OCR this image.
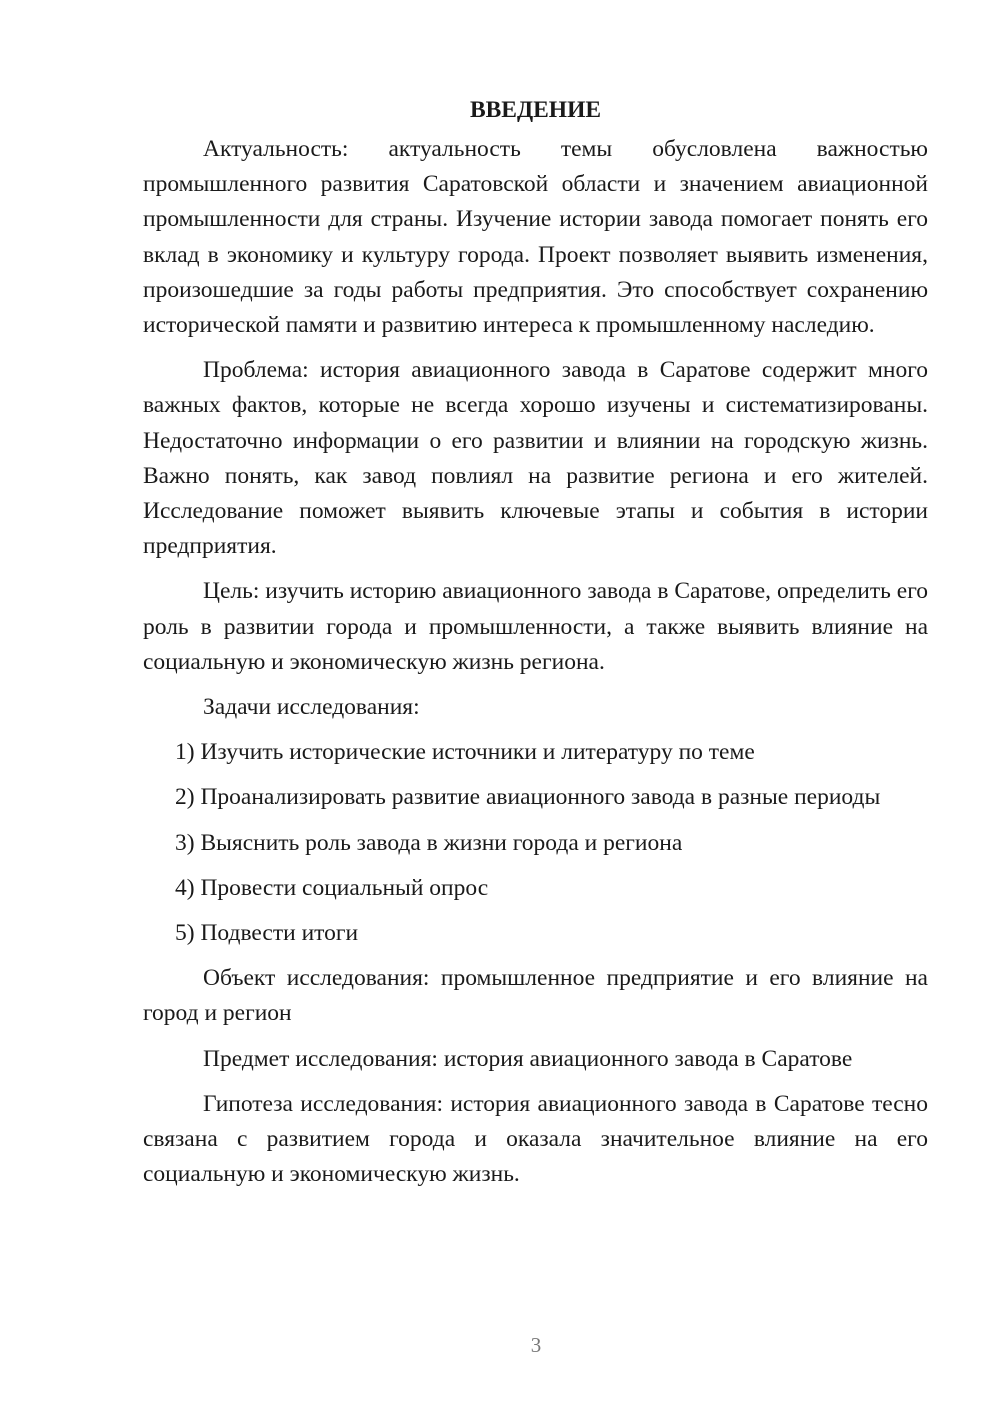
ВВЕДЕНИЕ

Актуальность: актуальность темы обусловлена важностью промышленного развития Саратовской области и значением авиационной промышленности для страны. Изучение истории завода помогает понять его вклад в экономику и культуру города. Проект позволяет выявить изменения, произошедшие за годы работы предприятия. Это способствует сохранению исторической памяти и развитию интереса к промышленному наследию.

Проблема: история авиационного завода в Саратове содержит много важных фактов, которые не всегда хорошо изучены и систематизированы. Недостаточно информации о его развитии и влиянии на городскую жизнь. Важно понять, как завод повлиял на развитие региона и его жителей. Исследование поможет выявить ключевые этапы и события в истории предприятия.

Цель: изучить историю авиационного завода в Саратове, определить его роль в развитии города и промышленности, а также выявить влияние на социальную и экономическую жизнь региона.

Задачи исследования:

1) Изучить исторические источники и литературу по теме

2) Проанализировать развитие авиационного завода в разные периоды

3) Выяснить роль завода в жизни города и региона

4) Провести социальный опрос

5) Подвести итоги

Объект исследования: промышленное предприятие и его влияние на город и регион

Предмет исследования: история авиационного завода в Саратове

Гипотеза исследования: история авиационного завода в Саратове тесно связана с развитием города и оказала значительное влияние на его социальную и экономическую жизнь.

3
